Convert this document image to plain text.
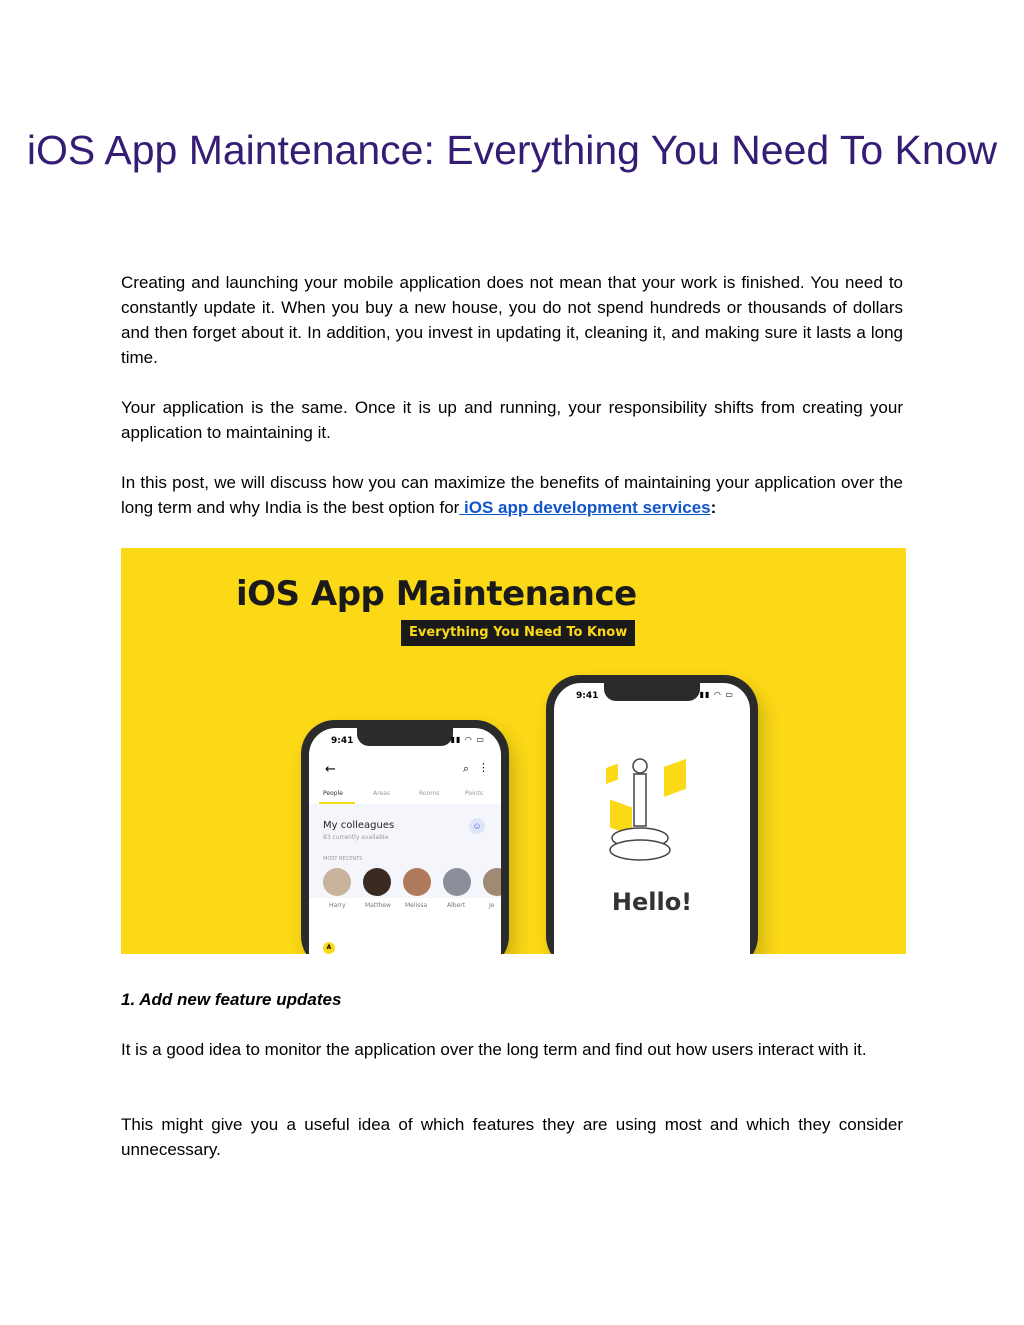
iOS App Maintenance: Everything You Need To Know

Creating and launching your mobile application does not mean that your work is finished. You need to constantly update it. When you buy a new house, you do not spend hundreds or thousands of dollars and then forget about it. In addition, you invest in updating it, cleaning it, and making sure it lasts a long time.

Your application is the same. Once it is up and running, your responsibility shifts from creating your application to maintaining it.

In this post, we will discuss how you can maximize the benefits of maintaining your application over the long term and why India is the best option for iOS app development services:

iOS App Maintenance
Everything You Need To Know
9:41	▮▮ ◠ ▭
←	⌕ ⋮
People	Areas	Rooms	Points
My colleagues
83 currently available
☺
MOST RECENTS
Harry	Matthew Melissa	Albert	Je
A
9:41	▮▮ ◠ ▭
Hello!
1. Add new feature updates

It is a good idea to monitor the application over the long term and find out how users interact with it.

This might give you a useful idea of which features they are using most and which they consider unnecessary.
